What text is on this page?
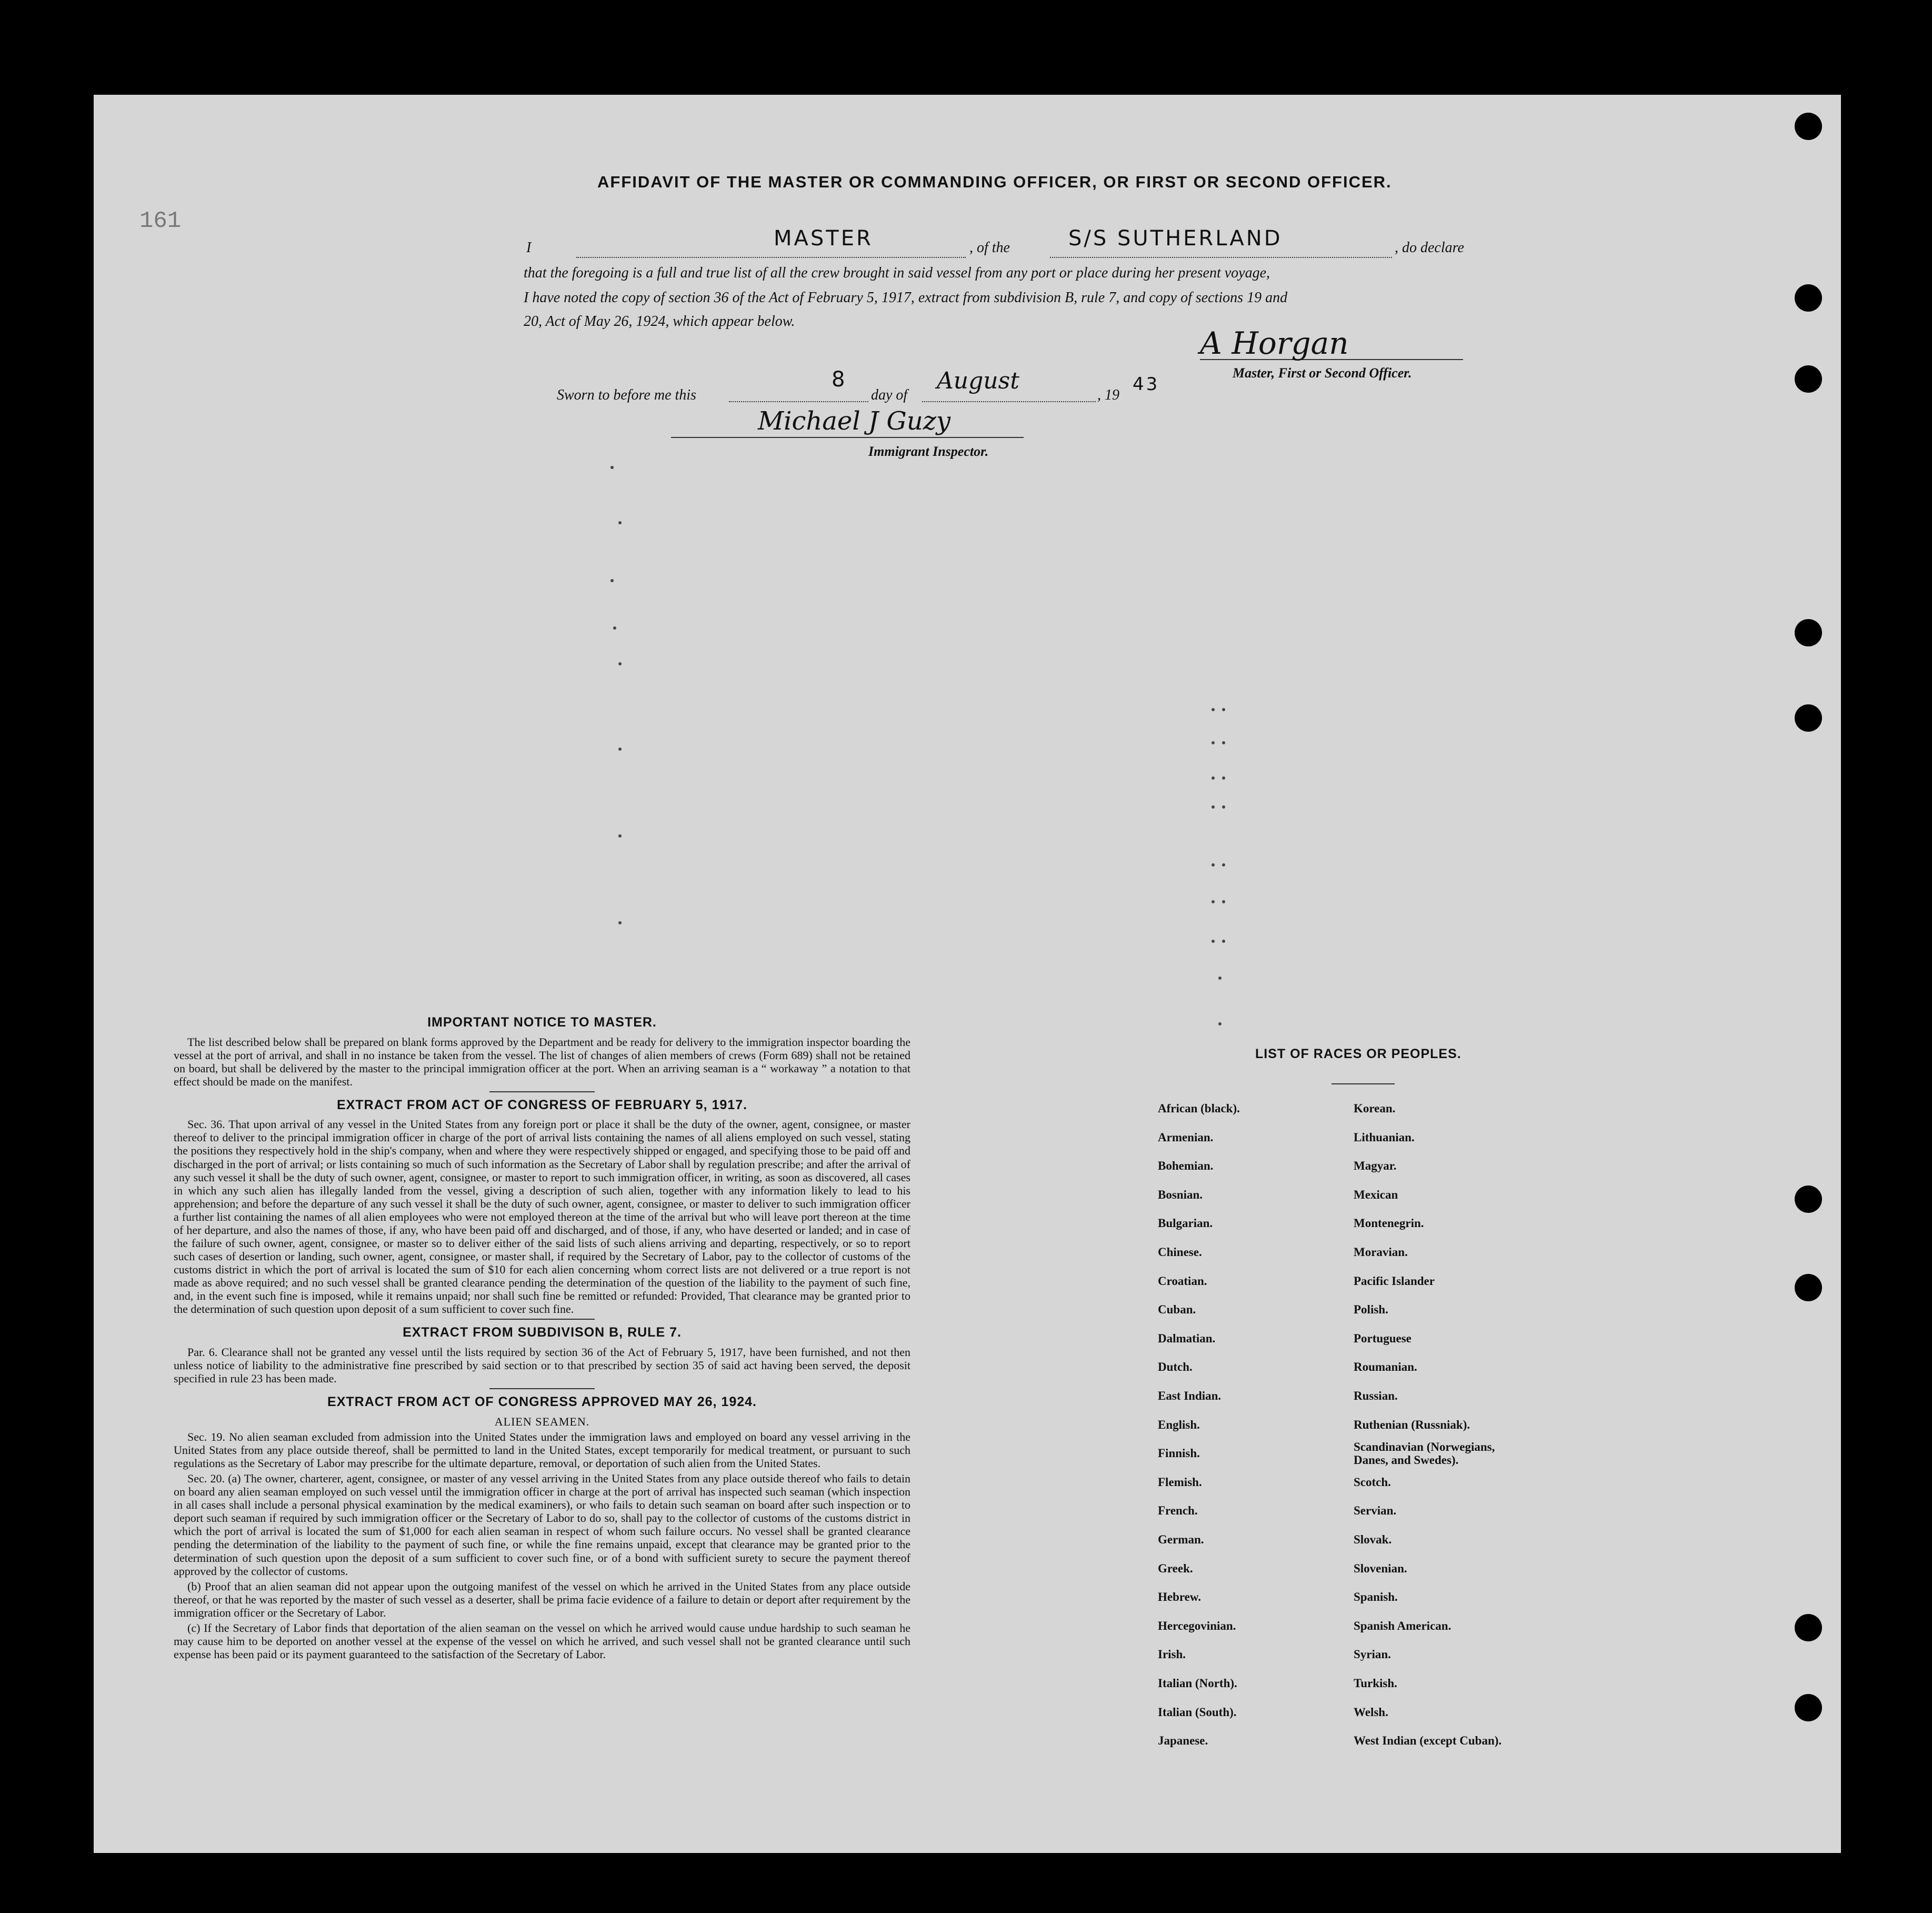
161
AFFIDAVIT OF THE MASTER OR COMMANDING OFFICER, OR FIRST OR SECOND OFFICER.
I	MASTER	, of the	S/S SUTHERLAND	, do declare
that the foregoing is a full and true list of all the crew brought in said vessel from any port or place during her present voyage,
I have noted the copy of section 36 of the Act of February 5, 1917, extract from subdivision B, rule 7, and copy of sections 19 and
20, Act of May 26, 1924, which appear below.
A Horgan
Master, First or Second Officer.
Sworn to before me this
8
day of
August
, 19
43
Michael J Guzy
Immigrant Inspector.
IMPORTANT NOTICE TO MASTER.

The list described below shall be prepared on blank forms approved by the Department and be ready for delivery to the immigration inspector boarding the vessel at the port of arrival, and shall in no instance be taken from the vessel. The list of changes of alien members of crews (Form 689) shall not be retained on board, but shall be delivered by the master to the principal immigration officer at the port. When an arriving seaman is a “ workaway ” a notation to that effect should be made on the manifest.

EXTRACT FROM ACT OF CONGRESS OF FEBRUARY 5, 1917.

Sec. 36. That upon arrival of any vessel in the United States from any foreign port or place it shall be the duty of the owner, agent, consignee, or master thereof to deliver to the principal immigration officer in charge of the port of arrival lists containing the names of all aliens employed on such vessel, stating the positions they respectively hold in the ship's company, when and where they were respectively shipped or engaged, and specifying those to be paid off and discharged in the port of arrival; or lists containing so much of such information as the Secretary of Labor shall by regulation prescribe; and after the arrival of any such vessel it shall be the duty of such owner, agent, consignee, or master to report to such immigration officer, in writing, as soon as discovered, all cases in which any such alien has illegally landed from the vessel, giving a description of such alien, together with any information likely to lead to his apprehension; and before the departure of any such vessel it shall be the duty of such owner, agent, consignee, or master to deliver to such immigration officer a further list containing the names of all alien employees who were not employed thereon at the time of the arrival but who will leave port thereon at the time of her departure, and also the names of those, if any, who have been paid off and discharged, and of those, if any, who have deserted or landed; and in case of the failure of such owner, agent, consignee, or master so to deliver either of the said lists of such aliens arriving and departing, respectively, or so to report such cases of desertion or landing, such owner, agent, consignee, or master shall, if required by the Secretary of Labor, pay to the collector of customs of the customs district in which the port of arrival is located the sum of $10 for each alien concerning whom correct lists are not delivered or a true report is not made as above required; and no such vessel shall be granted clearance pending the determination of the question of the liability to the payment of such fine, and, in the event such fine is imposed, while it remains unpaid; nor shall such fine be remitted or refunded: Provided, That clearance may be granted prior to the determination of such question upon deposit of a sum sufficient to cover such fine.

EXTRACT FROM SUBDIVISON B, RULE 7.

Par. 6. Clearance shall not be granted any vessel until the lists required by section 36 of the Act of February 5, 1917, have been furnished, and not then unless notice of liability to the administrative fine prescribed by said section or to that prescribed by section 35 of said act having been served, the deposit specified in rule 23 has been made.

EXTRACT FROM ACT OF CONGRESS APPROVED MAY 26, 1924.
ALIEN SEAMEN.

Sec. 19. No alien seaman excluded from admission into the United States under the immigration laws and employed on board any vessel arriving in the United States from any place outside thereof, shall be permitted to land in the United States, except temporarily for medical treatment, or pursuant to such regulations as the Secretary of Labor may prescribe for the ultimate departure, removal, or deportation of such alien from the United States.

Sec. 20. (a) The owner, charterer, agent, consignee, or master of any vessel arriving in the United States from any place outside thereof who fails to detain on board any alien seaman employed on such vessel until the immigration officer in charge at the port of arrival has inspected such seaman (which inspection in all cases shall include a personal physical examination by the medical examiners), or who fails to detain such seaman on board after such inspection or to deport such seaman if required by such immigration officer or the Secretary of Labor to do so, shall pay to the collector of customs of the customs district in which the port of arrival is located the sum of $1,000 for each alien seaman in respect of whom such failure occurs. No vessel shall be granted clearance pending the determination of the liability to the payment of such fine, or while the fine remains unpaid, except that clearance may be granted prior to the determination of such question upon the deposit of a sum sufficient to cover such fine, or of a bond with sufficient surety to secure the payment thereof approved by the collector of customs.

(b) Proof that an alien seaman did not appear upon the outgoing manifest of the vessel on which he arrived in the United States from any place outside thereof, or that he was reported by the master of such vessel as a deserter, shall be prima facie evidence of a failure to detain or deport after requirement by the immigration officer or the Secretary of Labor.

(c) If the Secretary of Labor finds that deportation of the alien seaman on the vessel on which he arrived would cause undue hardship to such seaman he may cause him to be deported on another vessel at the expense of the vessel on which he arrived, and such vessel shall not be granted clearance until such expense has been paid or its payment guaranteed to the satisfaction of the Secretary of Labor.

LIST OF RACES OR PEOPLES.
African (black).
Armenian.
Bohemian.
Bosnian.
Bulgarian.
Chinese.
Croatian.
Cuban.
Dalmatian.
Dutch.
East Indian.
English.
Finnish.
Flemish.
French.
German.
Greek.
Hebrew.
Hercegovinian.
Irish.
Italian (North).
Italian (South).
Japanese.
Korean.
Lithuanian.
Magyar.
Mexican
Montenegrin.
Moravian.
Pacific Islander
Polish.
Portuguese
Roumanian.
Russian.
Ruthenian (Russniak).
Scandinavian (Norwegians, Danes, and Swedes).
Scotch.
Servian.
Slovak.
Slovenian.
Spanish.
Spanish American.
Syrian.
Turkish.
Welsh.
West Indian (except Cuban).
